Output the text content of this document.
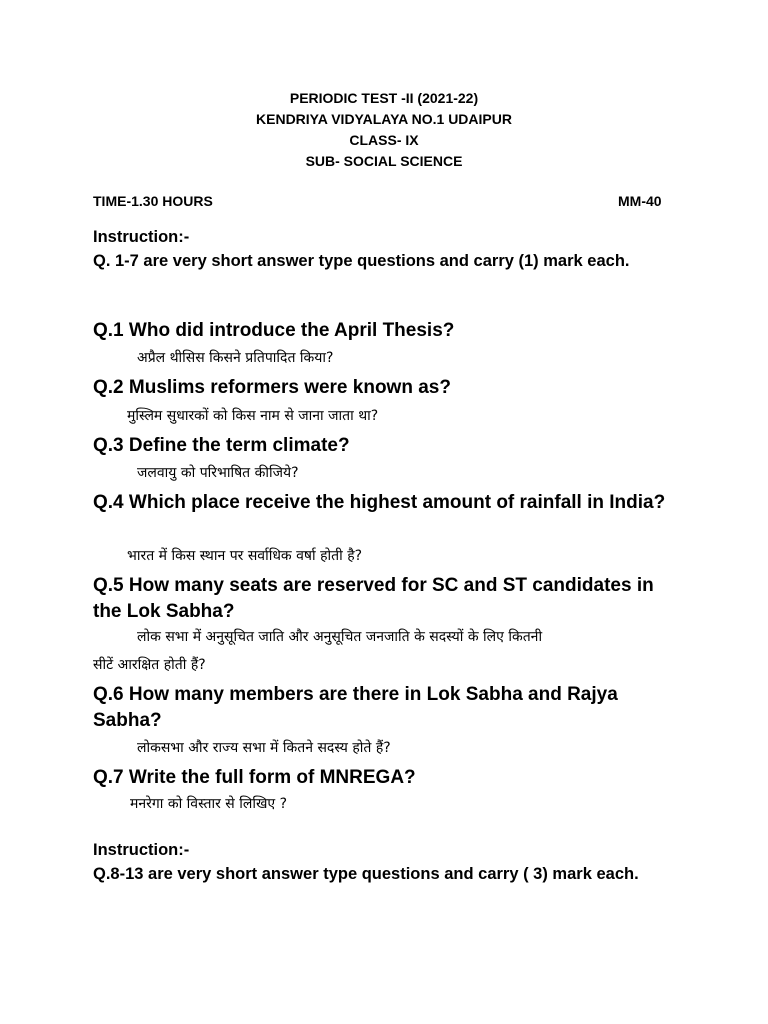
PERIODIC TEST -II (2021-22)
KENDRIYA VIDYALAYA NO.1 UDAIPUR
CLASS- IX
SUB- SOCIAL SCIENCE
TIME-1.30 HOURS	MM-40
Instruction:-
Q. 1-7 are very short answer type questions and carry (1) mark each.
Q.1 Who did introduce the April Thesis?
अप्रैल थीसिस किसने प्रतिपादित किया?
Q.2 Muslims reformers were known as?
मुस्लिम सुधारकों को किस नाम से जाना जाता था?
Q.3 Define the term climate?
जलवायु को परिभाषित कीजिये?
Q.4 Which place receive the highest amount of rainfall in India?
भारत में किस स्थान पर सर्वाधिक वर्षा होती है?
Q.5 How many seats are reserved for SC and ST candidates in the Lok Sabha?
लोक सभा में अनुसूचित जाति और अनुसूचित जनजाति के सदस्यों के लिए कितनी
सीटें आरक्षित होती हैं?
Q.6 How many members are there in Lok Sabha and Rajya Sabha?
लोकसभा और राज्य सभा में कितने सदस्य होते हैं?
Q.7 Write the full form of MNREGA?
मनरेगा को विस्तार से लिखिए ?
Instruction:-
Q.8-13 are very short answer type questions and carry ( 3) mark each.
